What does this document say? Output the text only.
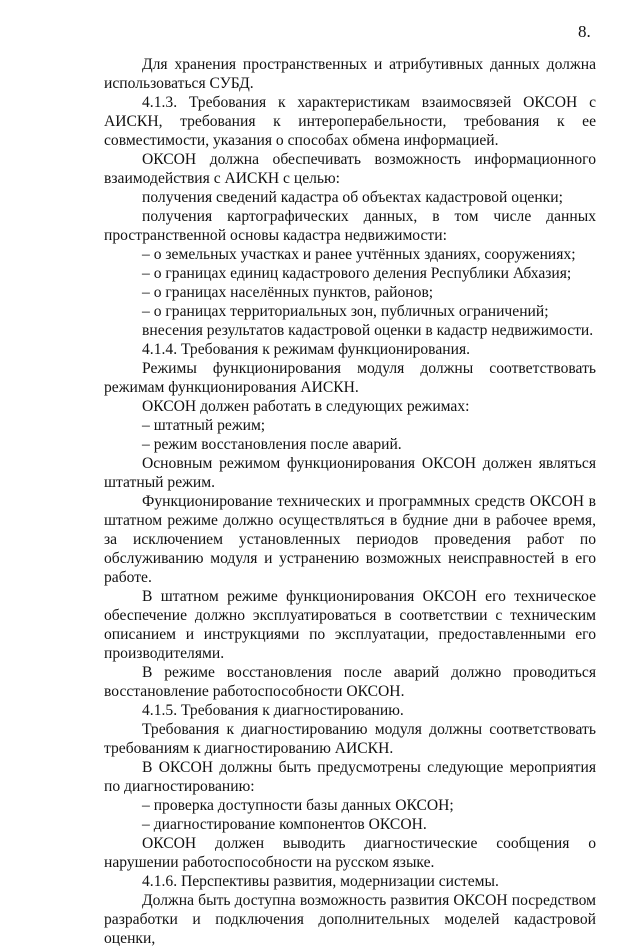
8.

Для хранения пространственных и атрибутивных данных должна использоваться СУБД.

4.1.3. Требования к характеристикам взаимосвязей ОКСОН с АИСКН, требования к интероперабельности, требования к ее совместимости, указания о способах обмена информацией.

ОКСОН должна обеспечивать возможность информационного взаимодействия с АИСКН с целью:

получения сведений кадастра об объектах кадастровой оценки;

получения картографических данных, в том числе данных пространственной основы кадастра недвижимости:

– о земельных участках и ранее учтённых зданиях, сооружениях;

– о границах единиц кадастрового деления Республики Абхазия;

– о границах населённых пунктов, районов;

– о границах территориальных зон, публичных ограничений;

внесения результатов кадастровой оценки в кадастр недвижимости.

4.1.4. Требования к режимам функционирования.

Режимы функционирования модуля должны соответствовать режимам функционирования АИСКН.

ОКСОН должен работать в следующих режимах:

– штатный режим;

– режим восстановления после аварий.

Основным режимом функционирования ОКСОН должен являться штатный режим.

Функционирование технических и программных средств ОКСОН в штатном режиме должно осуществляться в будние дни в рабочее время, за исключением установленных периодов проведения работ по обслуживанию модуля и устранению возможных неисправностей в его работе.

В штатном режиме функционирования ОКСОН его техническое обеспечение должно эксплуатироваться в соответствии с техническим описанием и инструкциями по эксплуатации, предоставленными его производителями.

В режиме восстановления после аварий должно проводиться восстановление работоспособности ОКСОН.

4.1.5. Требования к диагностированию.

Требования к диагностированию модуля должны соответствовать требованиям к диагностированию АИСКН.

В ОКСОН должны быть предусмотрены следующие мероприятия по диагностированию:

– проверка доступности базы данных ОКСОН;

– диагностирование компонентов ОКСОН.

ОКСОН должен выводить диагностические сообщения о нарушении работоспособности на русском языке.

4.1.6. Перспективы развития, модернизации системы.

Должна быть доступна возможность развития ОКСОН посредством разработки и подключения дополнительных моделей кадастровой оценки,
